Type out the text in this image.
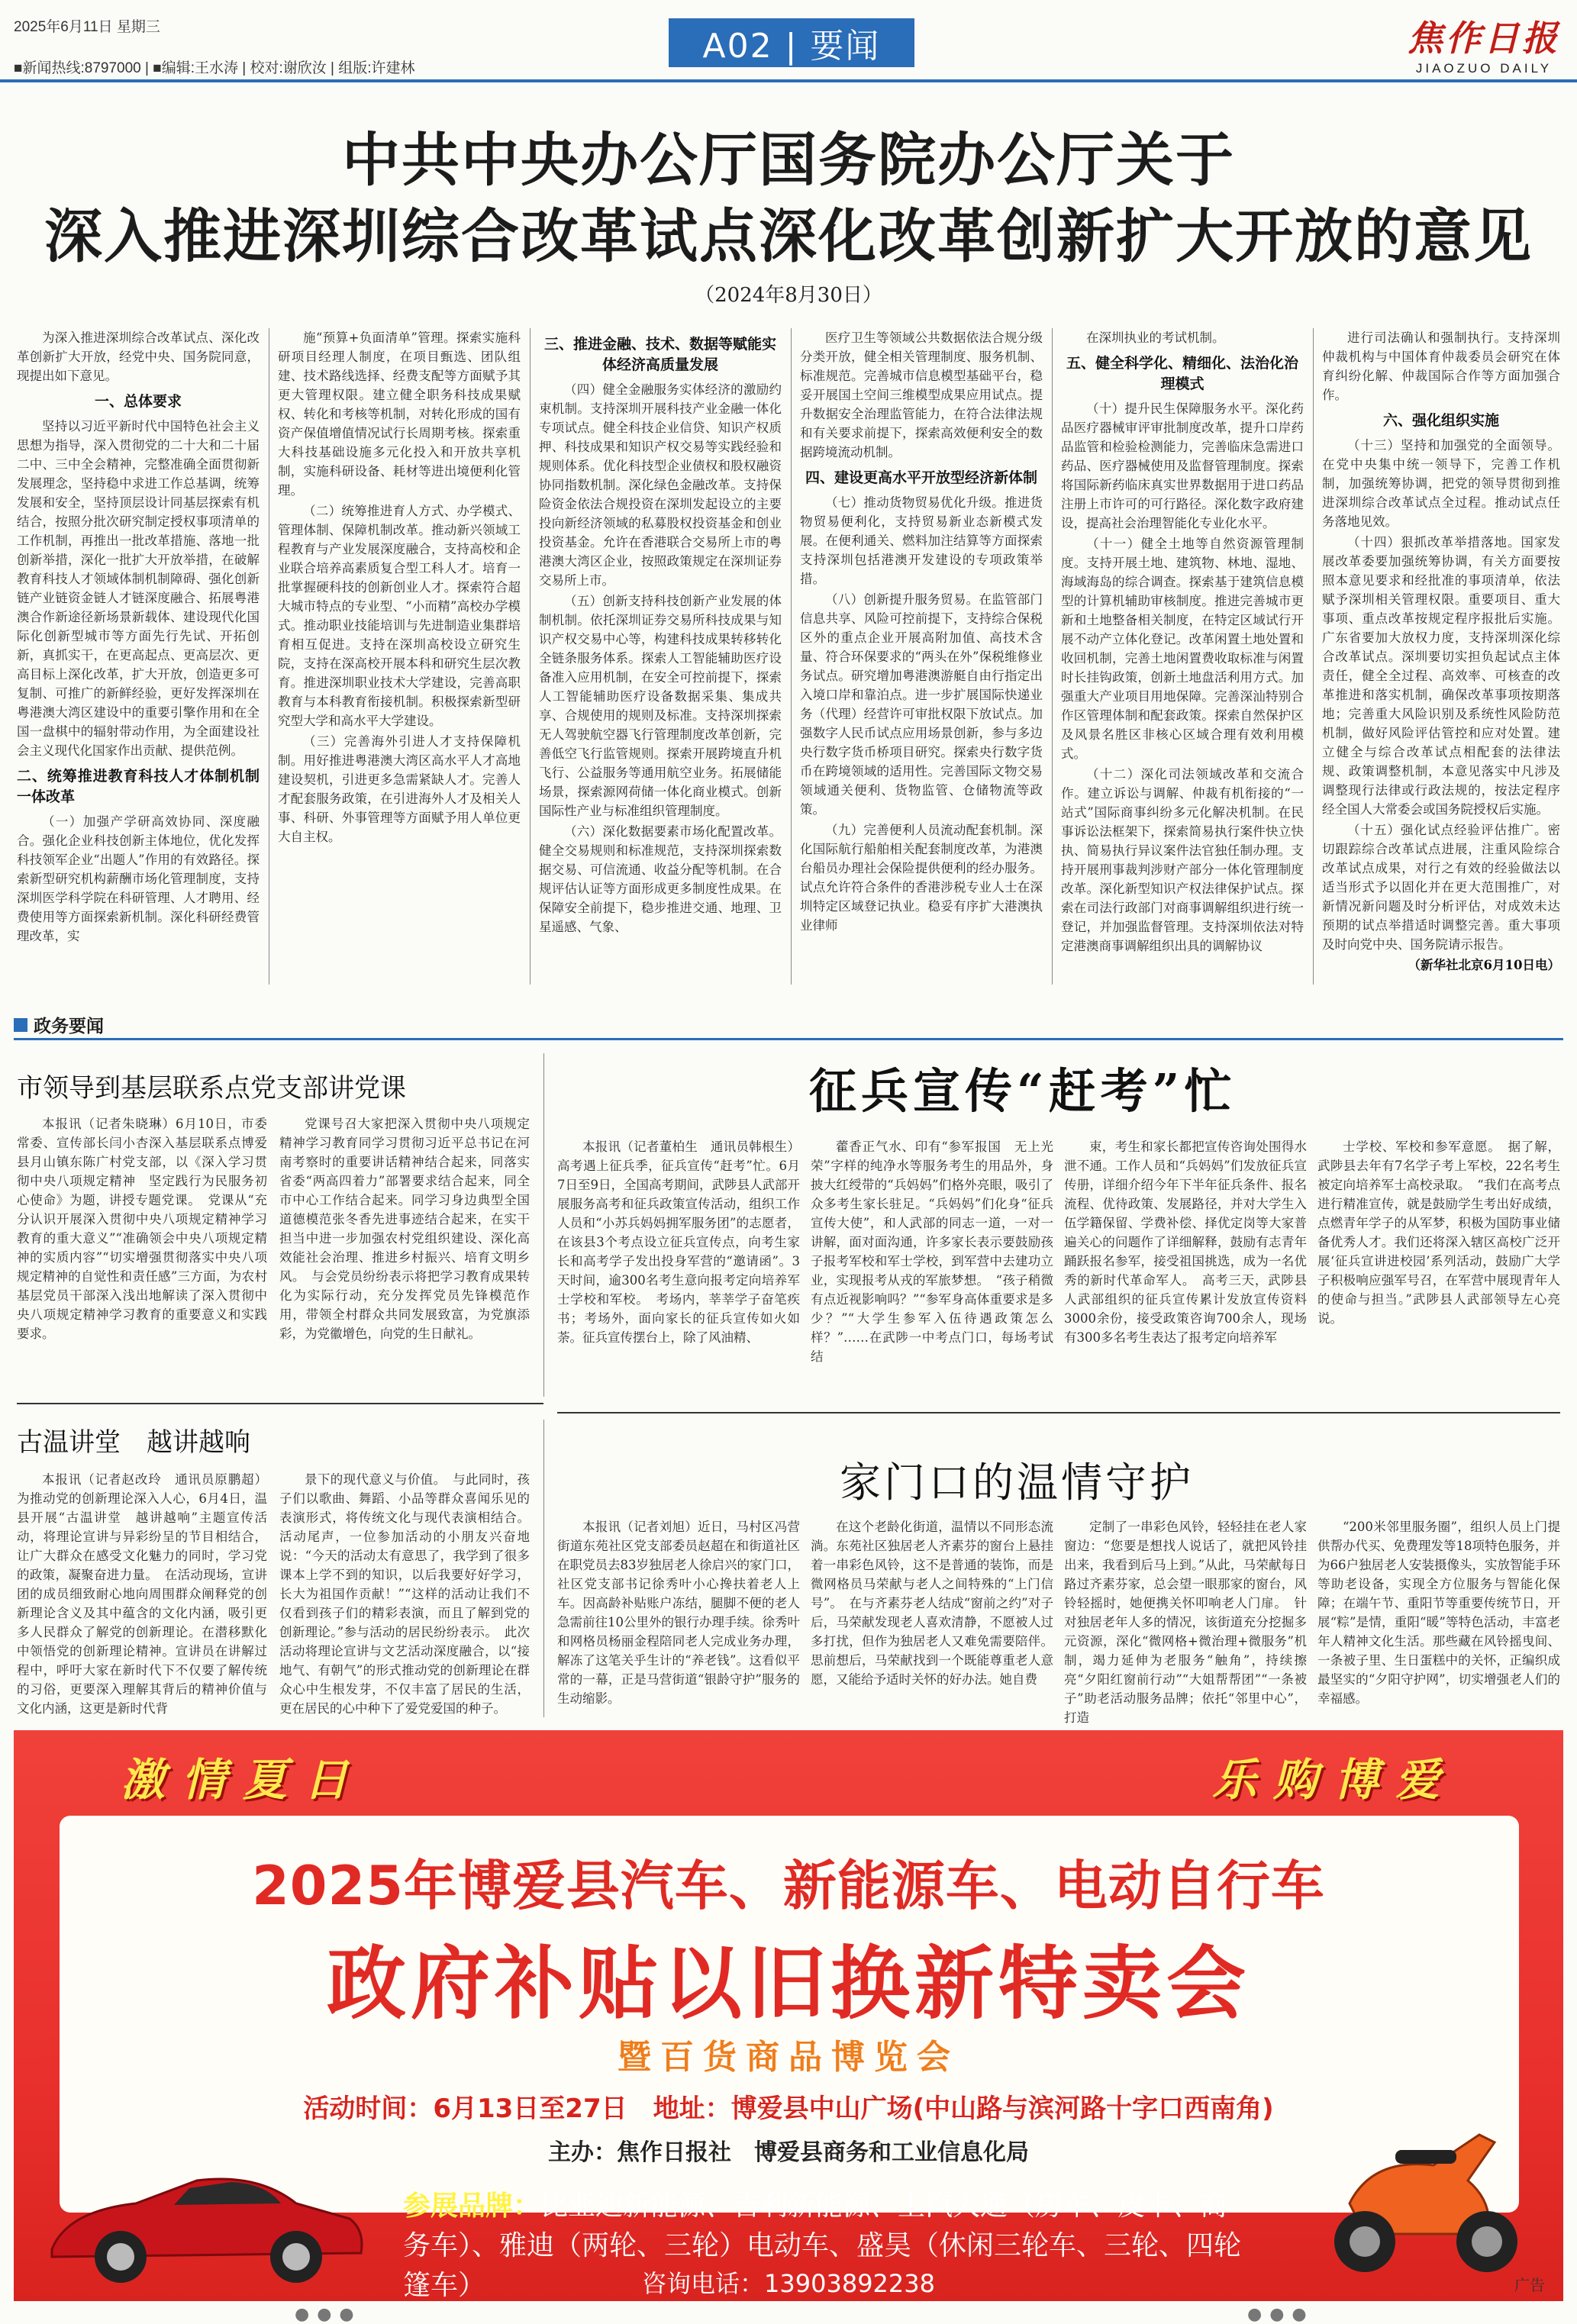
2025年6月11日 星期三
■新闻热线:8797000 | ■编辑:王水涛 | 校对:谢欣汝 | 组版:许建林
A02 | 要闻	焦作日报
JIAOZUO DAILY
中共中央办公厅国务院办公厅关于
深入推进深圳综合改革试点深化改革创新扩大开放的意见
（2024年8月30日）

为深入推进深圳综合改革试点、深化改革创新扩大开放，经党中央、国务院同意，现提出如下意见。

一、总体要求

坚持以习近平新时代中国特色社会主义思想为指导，深入贯彻党的二十大和二十届二中、三中全会精神，完整准确全面贯彻新发展理念，坚持稳中求进工作总基调，统筹发展和安全，坚持顶层设计同基层探索有机结合，按照分批次研究制定授权事项清单的工作机制，再推出一批改革措施、落地一批创新举措，深化一批扩大开放举措，在破解教育科技人才领域体制机制障碍、强化创新链产业链资金链人才链深度融合、拓展粤港澳合作新途径新场景新载体、建设现代化国际化创新型城市等方面先行先试、开拓创新，真抓实干，在更高起点、更高层次、更高目标上深化改革，扩大开放，创造更多可复制、可推广的新鲜经验，更好发挥深圳在粤港澳大湾区建设中的重要引擎作用和在全国一盘棋中的辐射带动作用，为全面建设社会主义现代化国家作出贡献、提供范例。

二、统筹推进教育科技人才体制机制一体改革

（一）加强产学研高效协同、深度融合。强化企业科技创新主体地位，优化发挥科技领军企业“出题人”作用的有效路径。探索新型研究机构薪酬市场化管理制度，支持深圳医学科学院在科研管理、人才聘用、经费使用等方面探索新机制。深化科研经费管理改革，实

施“预算+负面清单”管理。探索实施科研项目经理人制度，在项目甄选、团队组建、技术路线选择、经费支配等方面赋予其更大管理权限。建立健全职务科技成果赋权、转化和考核等机制，对转化形成的国有资产保值增值情况试行长周期考核。探索重大科技基础设施多元化投入和开放共享机制，实施科研设备、耗材等进出境便利化管理。

（二）统筹推进育人方式、办学模式、管理体制、保障机制改革。推动新兴领域工程教育与产业发展深度融合，支持高校和企业联合培养高素质复合型工科人才。培育一批掌握硬科技的创新创业人才。探索符合超大城市特点的专业型、“小而精”高校办学模式。推动职业技能培训与先进制造业集群培育相互促进。支持在深圳高校设立研究生院，支持在深高校开展本科和研究生层次教育。推进深圳职业技术大学建设，完善高职教育与本科教育衔接机制。积极探索新型研究型大学和高水平大学建设。

（三）完善海外引进人才支持保障机制。用好推进粤港澳大湾区高水平人才高地建设契机，引进更多急需紧缺人才。完善人才配套服务政策，在引进海外人才及相关人事、科研、外事管理等方面赋予用人单位更大自主权。

三、推进金融、技术、数据等赋能实体经济高质量发展

（四）健全金融服务实体经济的激励约束机制。支持深圳开展科技产业金融一体化专项试点。健全科技企业信贷、知识产权质押、科技成果和知识产权交易等实践经验和规则体系。优化科技型企业债权和股权融资协同指数机制。深化绿色金融改革。支持保险资金依法合规投资在深圳发起设立的主要投向新经济领域的私募股权投资基金和创业投资基金。允许在香港联合交易所上市的粤港澳大湾区企业，按照政策规定在深圳证券交易所上市。

（五）创新支持科技创新产业发展的体制机制。依托深圳证券交易所科技成果与知识产权交易中心等，构建科技成果转移转化全链条服务体系。探索人工智能辅助医疗设备准入应用机制，在安全可控前提下，探索人工智能辅助医疗设备数据采集、集成共享、合规使用的规则及标准。支持深圳探索无人驾驶航空器飞行管理制度改革创新，完善低空飞行监管规则。探索开展跨境直升机飞行、公益服务等通用航空业务。拓展储能场景，探索源网荷储一体化商业模式。创新国际性产业与标准组织管理制度。

（六）深化数据要素市场化配置改革。健全交易规则和标准规范，支持深圳探索数据交易、可信流通、收益分配等机制。在合规评估认证等方面形成更多制度性成果。在保障安全前提下，稳步推进交通、地理、卫星遥感、气象、

医疗卫生等领域公共数据依法合规分级分类开放，健全相关管理制度、服务机制、标准规范。完善城市信息模型基础平台，稳妥开展国土空间三维模型成果应用试点。提升数据安全治理监管能力，在符合法律法规和有关要求前提下，探索高效便利安全的数据跨境流动机制。

四、建设更高水平开放型经济新体制

（七）推动货物贸易优化升级。推进货物贸易便利化，支持贸易新业态新模式发展。在便利通关、燃料加注结算等方面探索支持深圳包括港澳开发建设的专项政策举措。

（八）创新提升服务贸易。在监管部门信息共享、风险可控前提下，支持综合保税区外的重点企业开展高附加值、高技术含量、符合环保要求的“两头在外”保税维修业务试点。研究增加粤港澳游艇自由行指定出入境口岸和靠泊点。进一步扩展国际快递业务（代理）经营许可审批权限下放试点。加强数字人民币试点应用场景创新，参与多边央行数字货币桥项目研究。探索央行数字货币在跨境领域的适用性。完善国际文物交易领域通关便利、货物监管、仓储物流等政策。

（九）完善便利人员流动配套机制。深化国际航行船舶相关配套制度改革，为港澳台船员办理社会保险提供便利的经办服务。试点允许符合条件的香港涉税专业人士在深圳特定区域登记执业。稳妥有序扩大港澳执业律师

在深圳执业的考试机制。

五、健全科学化、精细化、法治化治理模式

（十）提升民生保障服务水平。深化药品医疗器械审评审批制度改革，提升口岸药品监管和检验检测能力，完善临床急需进口药品、医疗器械使用及监督管理制度。探索将国际新药临床真实世界数据用于进口药品注册上市许可的可行路径。深化数字政府建设，提高社会治理智能化专业化水平。

（十一）健全土地等自然资源管理制度。支持开展土地、建筑物、林地、湿地、海域海岛的综合调查。探索基于建筑信息模型的计算机辅助审核制度。推进完善城市更新和土地整备相关制度，在特定区域试行开展不动产立体化登记。改革闲置土地处置和收回机制，完善土地闲置费收取标准与闲置时长挂钩政策，创新土地盘活利用方式。加强重大产业项目用地保障。完善深汕特别合作区管理体制和配套政策。探索自然保护区及风景名胜区非核心区域合理有效利用模式。

（十二）深化司法领域改革和交流合作。建立诉讼与调解、仲裁有机衔接的“一站式”国际商事纠纷多元化解决机制。在民事诉讼法框架下，探索简易执行案件快立快执、简易执行异议案件法官独任制办理。支持开展刑事裁判涉财产部分一体化管理制度改革。深化新型知识产权法律保护试点。探索在司法行政部门对商事调解组织进行统一登记，并加强监督管理。支持深圳依法对特定港澳商事调解组织出具的调解协议

进行司法确认和强制执行。支持深圳仲裁机构与中国体育仲裁委员会研究在体育纠纷化解、仲裁国际合作等方面加强合作。

六、强化组织实施

（十三）坚持和加强党的全面领导。在党中央集中统一领导下，完善工作机制，加强统筹协调，把党的领导贯彻到推进深圳综合改革试点全过程。推动试点任务落地见效。

（十四）狠抓改革举措落地。国家发展改革委要加强统筹协调，有关方面要按照本意见要求和经批准的事项清单，依法赋予深圳相关管理权限。重要项目、重大事项、重点改革按规定程序报批后实施。广东省要加大放权力度，支持深圳深化综合改革试点。深圳要切实担负起试点主体责任，健全全过程、高效率、可核查的改革推进和落实机制，确保改革事项按期落地；完善重大风险识别及系统性风险防范机制，做好风险评估管控和应对处置。建立健全与综合改革试点相配套的法律法规、政策调整机制，本意见落实中凡涉及调整现行法律或行政法规的，按法定程序经全国人大常委会或国务院授权后实施。

（十五）强化试点经验评估推广。密切跟踪综合改革试点进展，注重风险综合改革试点成果，对行之有效的经验做法以适当形式予以固化并在更大范围推广，对新情况新问题及时分析评估，对成效未达预期的试点举措适时调整完善。重大事项及时向党中央、国务院请示报告。

（新华社北京6月10日电）
政务要闻
市领导到基层联系点党支部讲党课

本报讯（记者朱晓琳）6月10日，市委常委、宣传部长闫小杏深入基层联系点博爱县月山镇东陈广村党支部，以《深入学习贯彻中央八项规定精神　坚定践行为民服务初心使命》为题，讲授专题党课。　党课从“充分认识开展深入贯彻中央八项规定精神学习教育的重大意义”“准确领会中央八项规定精神的实质内容”“切实增强贯彻落实中央八项规定精神的自觉性和责任感”三方面，为农村基层党员干部深入浅出地解读了深入贯彻中央八项规定精神学习教育的重要意义和实践要求。

党课号召大家把深入贯彻中央八项规定精神学习教育同学习贯彻习近平总书记在河南考察时的重要讲话精神结合起来，同落实省委“两高四着力”部署要求结合起来，同全市中心工作结合起来。同学习身边典型全国道德模范张冬香先进事迹结合起来，在实干担当中进一步加强农村党组织建设、深化高效能社会治理、推进乡村振兴、培育文明乡风。　与会党员纷纷表示将把学习教育成果转化为实际行动，充分发挥党员先锋模范作用，带领全村群众共同发展致富，为党旗添彩，为党徽增色，向党的生日献礼。

征兵宣传“赶考”忙

本报讯（记者董柏生　通讯员韩根生）高考遇上征兵季，征兵宣传“赶考”忙。6月7日至9日，全国高考期间，武陟县人武部开展服务高考和征兵政策宣传活动，组织工作人员和“小苏兵妈妈拥军服务团”的志愿者，在该县3个考点设立征兵宣传点，向考生家长和高考学子发出投身军营的“邀请函”。3天时间，逾300名考生意向报考定向培养军士学校和军校。　考场内，莘莘学子奋笔疾书；考场外，面向家长的征兵宣传如火如荼。征兵宣传摆台上，除了风油精、

藿香正气水、印有“参军报国　无上光荣”字样的纯净水等服务考生的用品外，身披大红绶带的“兵妈妈”们格外亮眼，吸引了众多考生家长驻足。“兵妈妈”们化身“征兵宣传大使”，和人武部的同志一道，一对一讲解，面对面沟通，许多家长表示要鼓励孩子报考军校和军士学校，到军营中去建功立业，实现报考从戎的军旅梦想。　“孩子稍微有点近视影响吗？”“参军身高体重要求是多少？”“大学生参军入伍待遇政策怎么样？”……在武陟一中考点门口，每场考试结

束，考生和家长都把宣传咨询处围得水泄不通。工作人员和“兵妈妈”们发放征兵宣传册，详细介绍今年下半年征兵条件、报名流程、优待政策、发展路径，并对大学生入伍学籍保留、学费补偿、择优定岗等大家普遍关心的问题作了详细解释，鼓励有志青年踊跃报名参军，接受祖国挑选，成为一名优秀的新时代革命军人。　高考三天，武陟县人武部组织的征兵宣传累计发放宣传资料3000余份，接受政策咨询700余人，现场有300多名考生表达了报考定向培养军

士学校、军校和参军意愿。　据了解，武陟县去年有7名学子考上军校，22名考生被定向培养军士高校录取。　“我们在高考点进行精准宣传，就是鼓励学生考出好成绩，点燃青年学子的从军梦，积极为国防事业储备优秀人才。我们还将深入辖区高校广泛开展‘征兵宣讲进校园’系列活动，鼓励广大学子积极响应强军号召，在军营中展现青年人的使命与担当。”武陟县人武部领导左心亮说。

古温讲堂　越讲越响

本报讯（记者赵改玲　通讯员原鹏超）为推动党的创新理论深入人心，6月4日，温县开展“古温讲堂　越讲越响”主题宣传活动，将理论宣讲与异彩纷呈的节目相结合，让广大群众在感受文化魅力的同时，学习党的政策，凝聚奋进力量。　在活动现场，宣讲团的成员细致耐心地向周围群众阐释党的创新理论含义及其中蕴含的文化内涵，吸引更多人民群众了解党的创新理论。在潜移默化中领悟党的创新理论精神。宣讲员在讲解过程中，呼吁大家在新时代下不仅要了解传统的习俗，更要深入理解其背后的精神价值与文化内涵，这更是新时代背

景下的现代意义与价值。　与此同时，孩子们以歌曲、舞蹈、小品等群众喜闻乐见的表演形式，将传统文化与现代表演相结合。活动尾声，一位参加活动的小朋友兴奋地说：“今天的活动太有意思了，我学到了很多课本上学不到的知识，以后我要好好学习，长大为祖国作贡献！”“这样的活动让我们不仅看到孩子们的精彩表演，而且了解到党的创新理论。”参与活动的居民纷纷表示。　此次活动将理论宣讲与文艺活动深度融合，以“接地气、有朝气”的形式推动党的创新理论在群众心中生根发芽，不仅丰富了居民的生活，更在居民的心中种下了爱党爱国的种子。

家门口的温情守护

本报讯（记者刘旭）近日，马村区冯营街道东苑社区党支部委员赵超在和街道社区在职党员去83岁独居老人徐启兴的家门口，社区党支部书记徐秀叶小心搀扶着老人上车。因高龄补贴账户冻结，腿脚不便的老人急需前往10公里外的银行办理手续。徐秀叶和网格员杨丽金程陪同老人完成业务办理，解冻了这笔关乎生计的“养老钱”。这看似平常的一幕，正是马营街道“银龄守护”服务的生动缩影。

在这个老龄化街道，温情以不同形态流淌。东苑社区独居老人齐素芬的窗台上悬挂着一串彩色风铃，这不是普通的装饰，而是微网格员马荣献与老人之间特殊的“上门信号”。　在与齐素芬老人结成“窗前之约”对子后，马荣献发现老人喜欢清静，不愿被人过多打扰，但作为独居老人又难免需要陪伴。思前想后，马荣献找到一个既能尊重老人意愿，又能给予适时关怀的好办法。她自费

定制了一串彩色风铃，轻轻挂在老人家窗边：“您要是想找人说话了，就把风铃挂出来，我看到后马上到。”从此，马荣献每日路过齐素芬家，总会望一眼那家的窗台，风铃轻摇时，她便携关怀叩响老人门扉。　针对独居老年人多的情况，该街道充分挖掘多元资源，深化“微网格+微治理+微服务”机制，竭力延伸为老服务“触角”，持续擦亮“夕阳红窗前行动”“大姐帮帮团”“一条被子”助老活动服务品牌；依托“邻里中心”，打造

“200米邻里服务圈”，组织人员上门提供帮办代买、免费理发等18项特色服务，并为66户独居老人安装摄像头，实放智能手环等助老设备，实现全方位服务与智能化保障；在端午节、重阳节等重要传统节日，开展“粽”是情，重阳“暖”等特色活动，丰富老年人精神文化生活。那些藏在风铃摇曳间、一条被子里、生日蛋糕中的关怀，正编织成最坚实的“夕阳守护网”，切实增强老人们的幸福感。

激情夏日	乐购博爱
2025年博爱县汽车、新能源车、电动自行车
政府补贴以旧换新特卖会
暨百货商品博览会
活动时间：6月13日至27日　 地址：博爱县中山广场(中山路与滨河路十字口西南角)
主办：焦作日报社　博爱县商务和工业信息化局
参展品牌：比亚迪新能源、吉利新能源、上汽大通（房车、皮卡、商务车）、雅迪（两轮、三轮）电动车、盛昊（休闲三轮车、三轮、四轮篷车）	咨询电话：13903892238	广告
●●●	●●●
